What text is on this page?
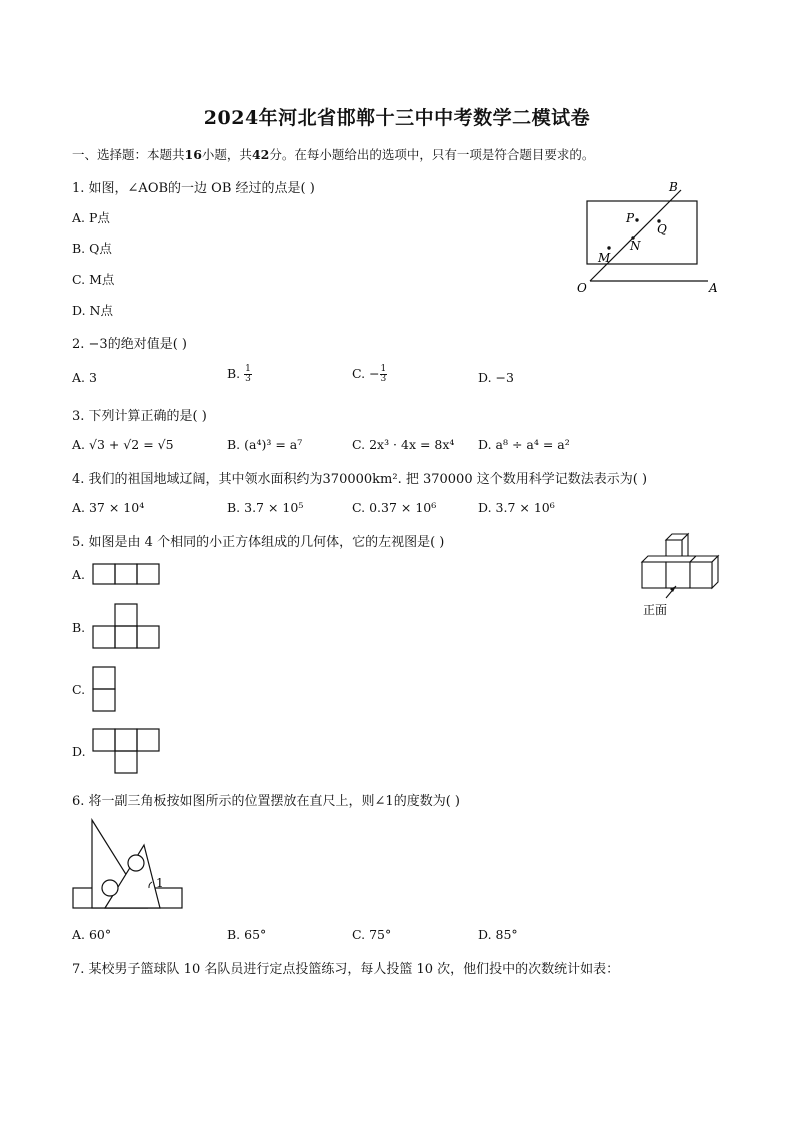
2024年河北省邯郸十三中中考数学二模试卷
一、选择题：本题共16小题，共42分。在每小题给出的选项中，只有一项是符合题目要求的。
1. 如图，∠AOB的一边 OB 经过的点是( )
A. P点
B. Q点
C. M点
D. N点
B
P
Q
N
M
O	A
2. −3的绝对值是( )
A. 3	B. $\frac{1}{3}$	C. − $\frac{1}{3}$	D. −3
3. 下列计算正确的是( )
A. √3 + √2 = √5	B. (a⁴)³ = a⁷	C. 2x³ · 4x = 8x⁴ D. a⁸ ÷ a⁴ = a²
4. 我们的祖国地域辽阔，其中领水面积约为370000km². 把 370000 这个数用科学记数法表示为( )
A. 37 × 10⁴	B. 3.7 × 10⁵	C. 0.37 × 10⁶	D. 3.7 × 10⁶
5. 如图是由 4 个相同的小正方体组成的几何体，它的左视图是( )
正面
A.
B.
C.
D.
6. 将一副三角板按如图所示的位置摆放在直尺上，则∠1的度数为( )
1
A. 60°	B. 65°	C. 75°	D. 85°
7. 某校男子篮球队 10 名队员进行定点投篮练习，每人投篮 10 次，他们投中的次数统计如表：
